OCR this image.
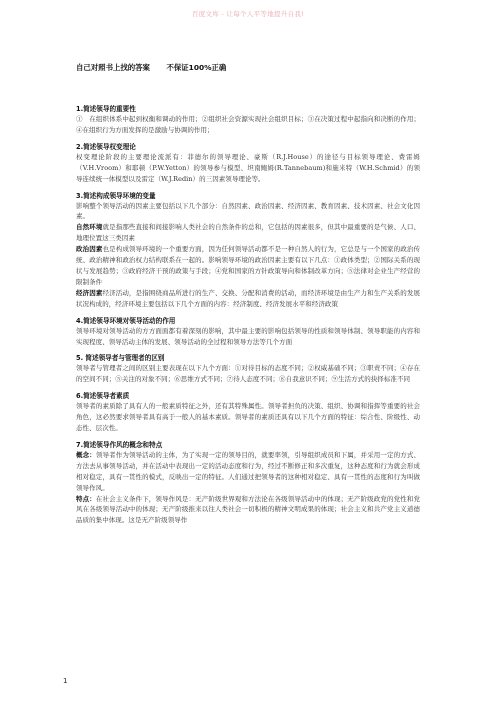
百度文库 - 让每个人平等地提升自我!
自己对照书上找的答案 不保证100%正确

1.简述领导的重要性

①　在组织体系中起到权衡和调动的作用；②组织社会资源实现社会组织目标；③在决策过程中起指向和决断的作用；④在组织行为方面发挥的是激励与协调的作用；

2.简述领导权变理论

权变理论阶段的主要理论流派有：菲德尔的领导理论、豪斯（R.J.House）的途径与目标领导理论、费雷姆（V.H.Vroom）和耶顿（P.W.Yetton）的领导参与模型、坦南鲍姆(R.Tannebaum)和施米特（W.H.Schmid）的领导连续统一体模型以及雷定（W.J.Redin）的三因素领导理论等。

3.简述构成领导环境的变量

影响整个领导活动的因素主要包括以下几个部分：自然因素、政治因素、经济因素、教育因素、技术因素、社会文化因素。

自然环境就是指那些直接和间接影响人类社会的自然条件的总和，它包括的因素很多，但其中最重要的是气候、人口、地理位置这三类因素

政治因素也是构成领导环境的一个重要方面，因为任何领导活动都不是一种自然人的行为，它总是与一个国家的政治传统、政治精神和政治权力结构联系在一起的。影响领导环境的政治因素主要有以下几点：①政体类型；②国际关系的现状与发展趋势；③政府经济干预的政策与手段；④党和国家的方针政策导向和体制改革方向；⑤法律对企业生产经营的限制条件

经济因素经济活动，是指围绕商品所进行的生产、交换、分配和消费的活动，而经济环境是由生产力和生产关系的发展状况构成的，经济环境主要包括以下几个方面的内容：经济制度、经济发展水平和经济政策

4.简述领导环境对领导活动的作用

领导环境对领导活动的方方面面都有着深刻的影响，其中最主要的影响包括领导的性质和领导体制、领导职能的内容和实现程度、领导活动主体的发展、领导活动的全过程和领导方法等几个方面

5. 简述领导者与管理者的区别

领导者与管理者之间的区别主要表现在以下九个方面：①对待目标的态度不同；②权威基础不同；③职责不同；④存在的空间不同；⑤关注的对象不同；⑥思维方式不同；⑦待人态度不同；⑧自我意识不同；⑨生活方式的抉择标准不同

6.简述领导者素质

领导者的素质除了具有人的一般素质特征之外，还有其特殊属性。领导者担负的决策、组织、协调和指挥等重要的社会角色，这必然要求领导者具有高于一般人的基本素质。领导者的素质还具有以下几个方面的特征：综合性、阶级性、动态性、层次性。

7.简述领导作风的概念和特点

概念：领导者作为领导活动的主体，为了实现一定的领导目的，就要率领，引导组织成员和下属，并采用一定的方式、方法去从事领导活动，并在活动中表现出一定的活动态度和行为，经过不断修正和多次重复，这种态度和行为就会形成相对稳定，具有一贯性的模式，反映出一定的特征。人们通过把领导者的这种相对稳定、具有一贯性的态度和行为叫做领导作风。

特点：在社会主义条件下，领导作风是：无产阶级世界观和方法论在各级领导活动中的体现；无产阶级政党的党性和党风在各级领导活动中的体现；无产阶级推来以往人类社会一切积极的精神文明成果的体现；社会主义和共产党主义道德品质的集中体现。这是无产阶级领导作

1
